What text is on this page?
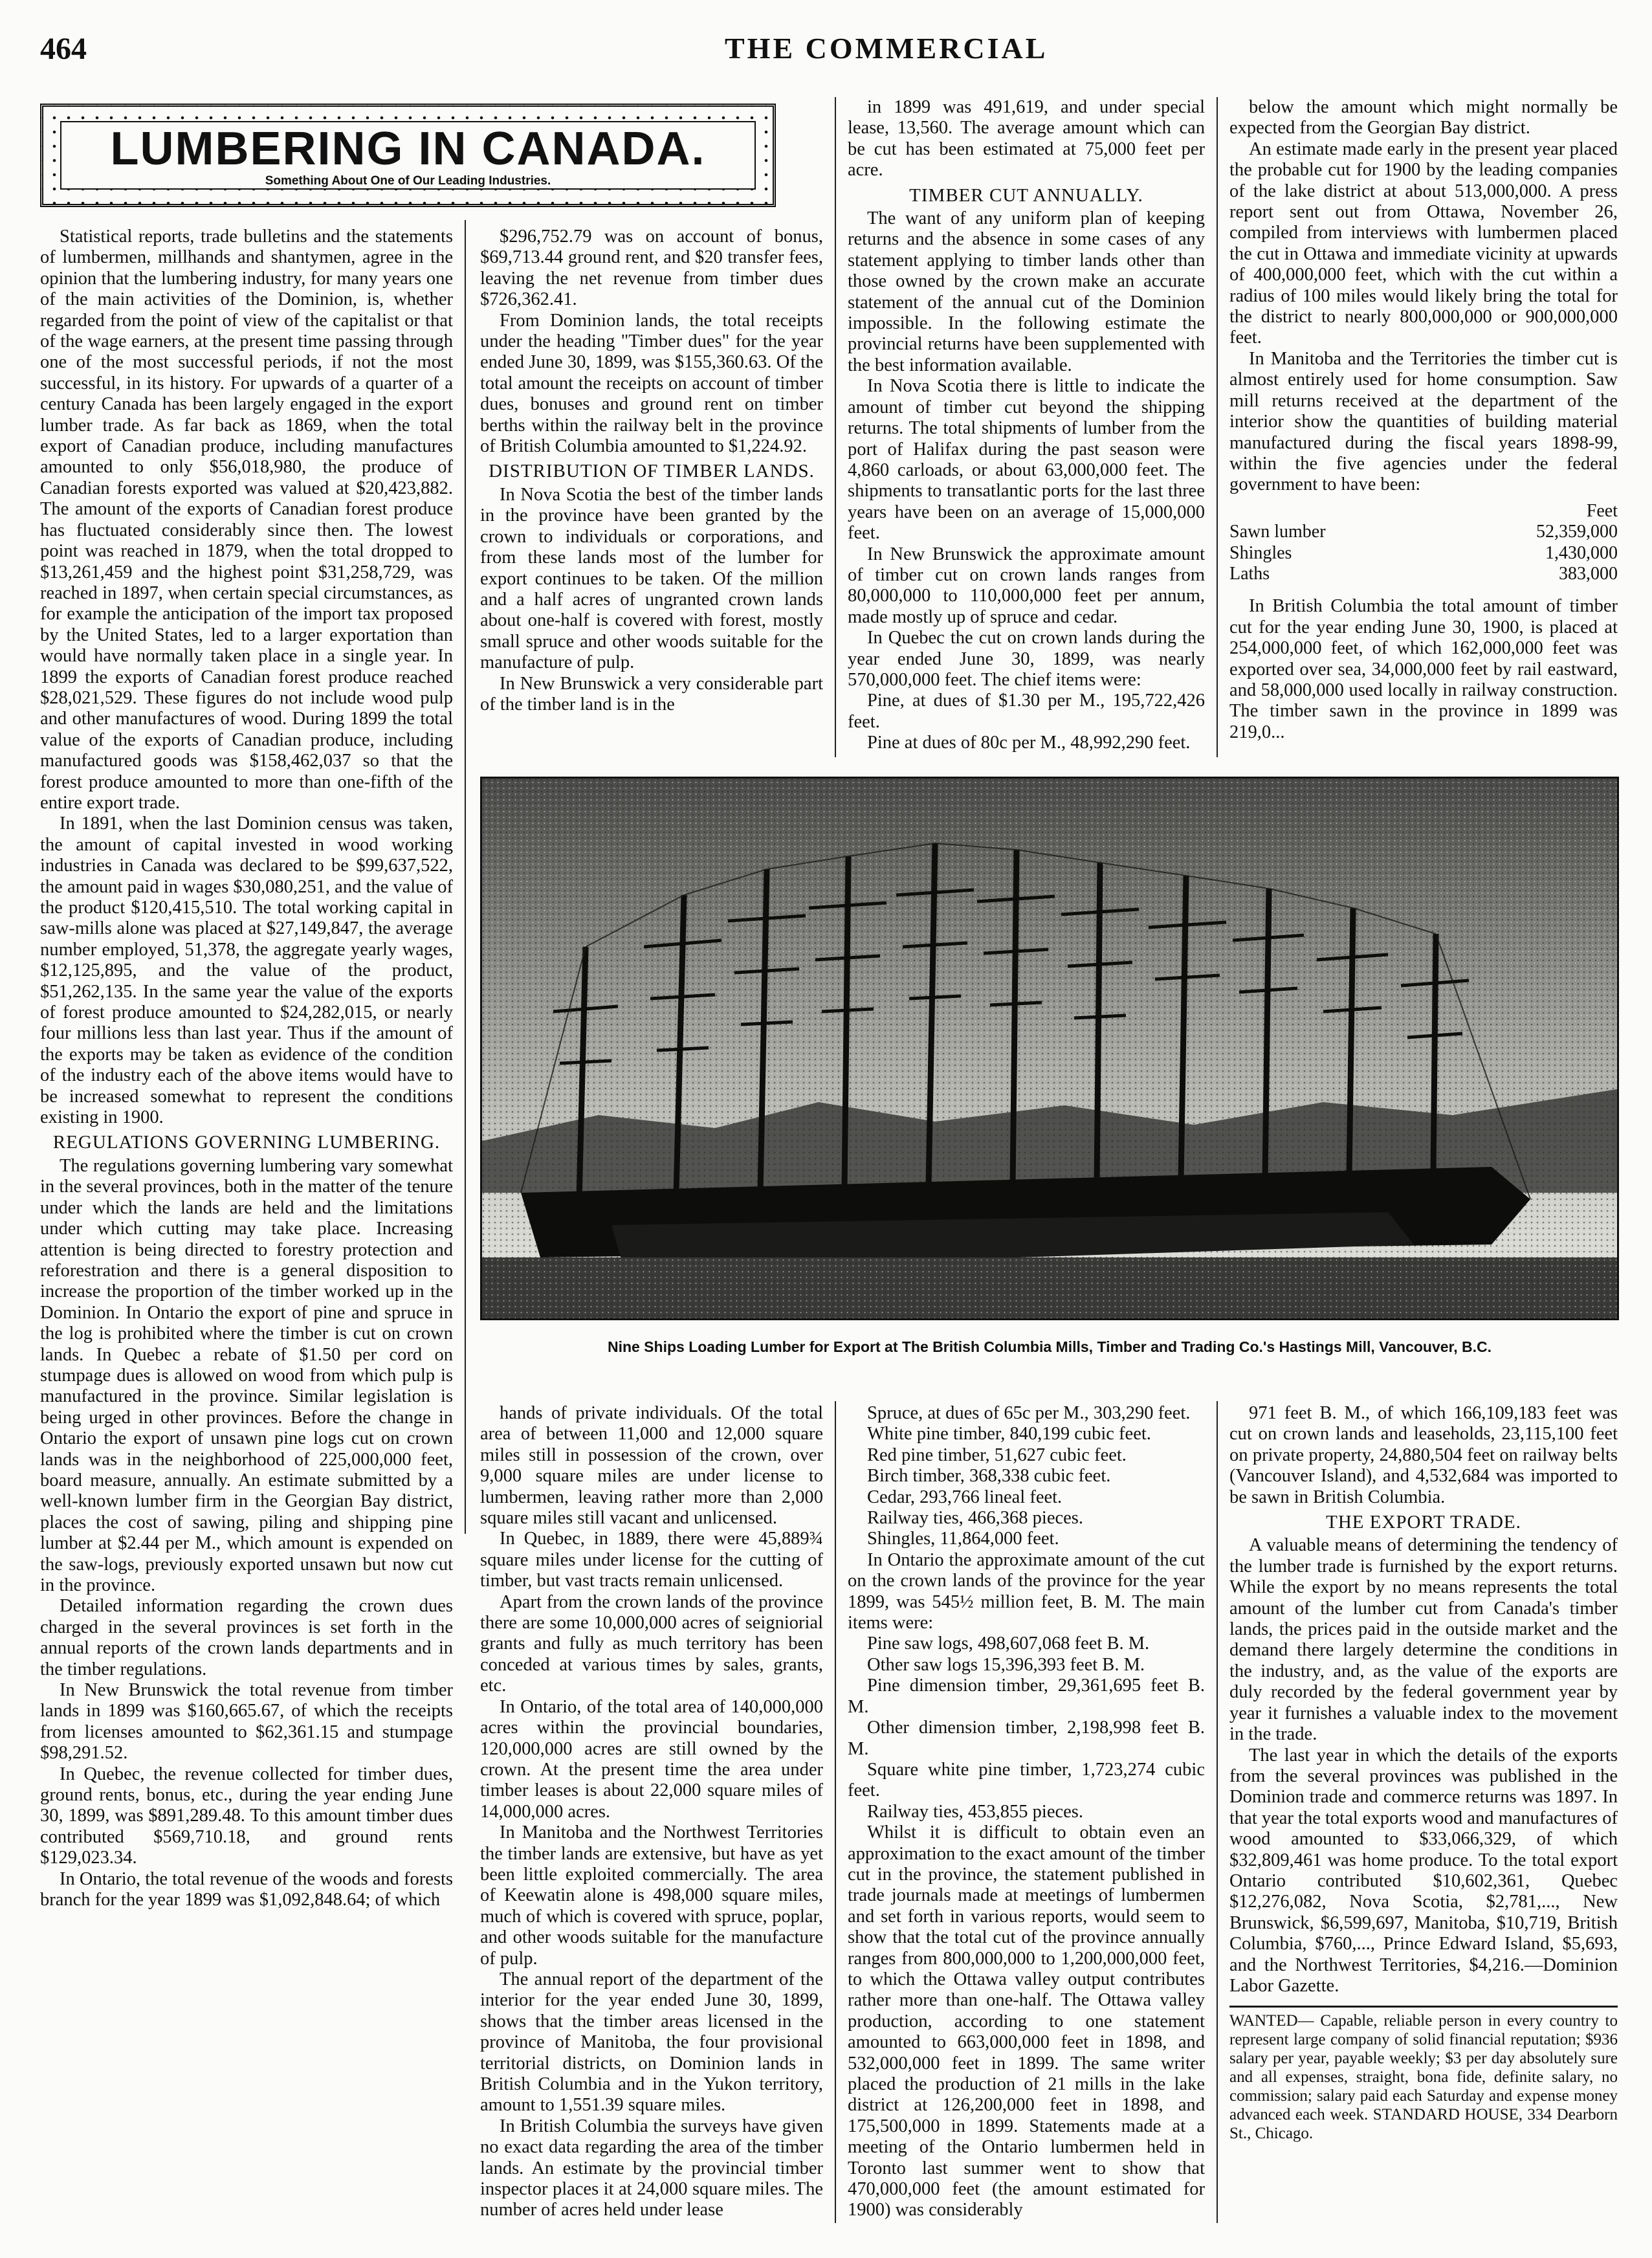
464	THE COMMERCIAL
LUMBERING IN CANADA.
Something About One of Our Leading Industries.

Statistical reports, trade bulletins and the statements of lumbermen, millhands and shantymen, agree in the opinion that the lumbering industry, for many years one of the main activities of the Dominion, is, whether regarded from the point of view of the capitalist or that of the wage earners, at the present time passing through one of the most successful periods, if not the most successful, in its history. For upwards of a quarter of a century Canada has been largely engaged in the export lumber trade. As far back as 1869, when the total export of Canadian produce, including manufactures amounted to only $56,018,980, the produce of Canadian forests exported was valued at $20,423,882. The amount of the exports of Canadian forest produce has fluctuated considerably since then. The lowest point was reached in 1879, when the total dropped to $13,261,459 and the highest point $31,258,729, was reached in 1897, when certain special circumstances, as for example the anticipation of the import tax proposed by the United States, led to a larger exportation than would have normally taken place in a single year. In 1899 the exports of Canadian forest produce reached $28,021,529. These figures do not include wood pulp and other manufactures of wood. During 1899 the total value of the exports of Canadian produce, including manufactured goods was $158,462,037 so that the forest produce amounted to more than one-fifth of the entire export trade.

In 1891, when the last Dominion census was taken, the amount of capital invested in wood working industries in Canada was declared to be $99,637,522, the amount paid in wages $30,080,251, and the value of the product $120,415,510. The total working capital in saw-mills alone was placed at $27,149,847, the average number employed, 51,378, the aggregate yearly wages, $12,125,895, and the value of the product, $51,262,135. In the same year the value of the exports of forest produce amounted to $24,282,015, or nearly four millions less than last year. Thus if the amount of the exports may be taken as evidence of the condition of the industry each of the above items would have to be increased somewhat to represent the conditions existing in 1900.

REGULATIONS GOVERNING LUMBERING.

The regulations governing lumbering vary somewhat in the several provinces, both in the matter of the tenure under which the lands are held and the limitations under which cutting may take place. Increasing attention is being directed to forestry protection and reforestration and there is a general disposition to increase the proportion of the timber worked up in the Dominion. In Ontario the export of pine and spruce in the log is prohibited where the timber is cut on crown lands. In Quebec a rebate of $1.50 per cord on stumpage dues is allowed on wood from which pulp is manufactured in the province. Similar legislation is being urged in other provinces. Before the change in Ontario the export of unsawn pine logs cut on crown lands was in the neighborhood of 225,000,000 feet, board measure, annually. An estimate submitted by a well-known lumber firm in the Georgian Bay district, places the cost of sawing, piling and shipping pine lumber at $2.44 per M., which amount is expended on the saw-logs, previously exported unsawn but now cut in the province.

Detailed information regarding the crown dues charged in the several provinces is set forth in the annual reports of the crown lands departments and in the timber regulations.

In New Brunswick the total revenue from timber lands in 1899 was $160,665.67, of which the receipts from licenses amounted to $62,361.15 and stumpage $98,291.52.

In Quebec, the revenue collected for timber dues, ground rents, bonus, etc., during the year ending June 30, 1899, was $891,289.48. To this amount timber dues contributed $569,710.18, and ground rents $129,023.34.

In Ontario, the total revenue of the woods and forests branch for the year 1899 was $1,092,848.64; of which

$296,752.79 was on account of bonus, $69,713.44 ground rent, and $20 transfer fees, leaving the net revenue from timber dues $726,362.41.

From Dominion lands, the total receipts under the heading "Timber dues" for the year ended June 30, 1899, was $155,360.63. Of the total amount the receipts on account of timber dues, bonuses and ground rent on timber berths within the railway belt in the province of British Columbia amounted to $1,224.92.

DISTRIBUTION OF TIMBER LANDS.

In Nova Scotia the best of the timber lands in the province have been granted by the crown to individuals or corporations, and from these lands most of the lumber for export continues to be taken. Of the million and a half acres of ungranted crown lands about one-half is covered with forest, mostly small spruce and other woods suitable for the manufacture of pulp.

In New Brunswick a very considerable part of the timber land is in the

in 1899 was 491,619, and under special lease, 13,560. The average amount which can be cut has been estimated at 75,000 feet per acre.

TIMBER CUT ANNUALLY.

The want of any uniform plan of keeping returns and the absence in some cases of any statement applying to timber lands other than those owned by the crown make an accurate statement of the annual cut of the Dominion impossible. In the following estimate the provincial returns have been supplemented with the best information available.

In Nova Scotia there is little to indicate the amount of timber cut beyond the shipping returns. The total shipments of lumber from the port of Halifax during the past season were 4,860 carloads, or about 63,000,000 feet. The shipments to transatlantic ports for the last three years have been on an average of 15,000,000 feet.

In New Brunswick the approximate amount of timber cut on crown lands ranges from 80,000,000 to 110,000,000 feet per annum, made mostly up of spruce and cedar.

In Quebec the cut on crown lands during the year ended June 30, 1899, was nearly 570,000,000 feet. The chief items were:

Pine, at dues of $1.30 per M., 195,722,426 feet.

Pine at dues of 80c per M., 48,992,290 feet.

below the amount which might normally be expected from the Georgian Bay district.

An estimate made early in the present year placed the probable cut for 1900 by the leading companies of the lake district at about 513,000,000. A press report sent out from Ottawa, November 26, compiled from interviews with lumbermen placed the cut in Ottawa and immediate vicinity at upwards of 400,000,000 feet, which with the cut within a radius of 100 miles would likely bring the total for the district to nearly 800,000,000 or 900,000,000 feet.

In Manitoba and the Territories the timber cut is almost entirely used for home consumption. Saw mill returns received at the department of the interior show the quantities of building material manufactured during the fiscal years 1898-99, within the five agencies under the federal government to have been:

	Feet
Sawn lumber	52,359,000
Shingles	1,430,000
Laths	383,000

In British Columbia the total amount of timber cut for the year ending June 30, 1900, is placed at 254,000,000 feet, of which 162,000,000 feet was exported over sea, 34,000,000 feet by rail eastward, and 58,000,000 used locally in railway construction. The timber sawn in the province in 1899 was 219,0...

Nine Ships Loading Lumber for Export at The British Columbia Mills, Timber and Trading Co.'s Hastings Mill, Vancouver, B.C.

hands of private individuals. Of the total area of between 11,000 and 12,000 square miles still in possession of the crown, over 9,000 square miles are under license to lumbermen, leaving rather more than 2,000 square miles still vacant and unlicensed.

In Quebec, in 1889, there were 45,889¾ square miles under license for the cutting of timber, but vast tracts remain unlicensed.

Apart from the crown lands of the province there are some 10,000,000 acres of seigniorial grants and fully as much territory has been conceded at various times by sales, grants, etc.

In Ontario, of the total area of 140,000,000 acres within the provincial boundaries, 120,000,000 acres are still owned by the crown. At the present time the area under timber leases is about 22,000 square miles of 14,000,000 acres.

In Manitoba and the Northwest Territories the timber lands are extensive, but have as yet been little exploited commercially. The area of Keewatin alone is 498,000 square miles, much of which is covered with spruce, poplar, and other woods suitable for the manufacture of pulp.

The annual report of the department of the interior for the year ended June 30, 1899, shows that the timber areas licensed in the province of Manitoba, the four provisional territorial districts, on Dominion lands in British Columbia and in the Yukon territory, amount to 1,551.39 square miles.

In British Columbia the surveys have given no exact data regarding the area of the timber lands. An estimate by the provincial timber inspector places it at 24,000 square miles. The number of acres held under lease

Spruce, at dues of 65c per M., 303,290 feet.

White pine timber, 840,199 cubic feet.

Red pine timber, 51,627 cubic feet.

Birch timber, 368,338 cubic feet.

Cedar, 293,766 lineal feet.

Railway ties, 466,368 pieces.

Shingles, 11,864,000 feet.

In Ontario the approximate amount of the cut on the crown lands of the province for the year 1899, was 545½ million feet, B. M. The main items were:

Pine saw logs, 498,607,068 feet B. M.

Other saw logs 15,396,393 feet B. M.

Pine dimension timber, 29,361,695 feet B. M.

Other dimension timber, 2,198,998 feet B. M.

Square white pine timber, 1,723,274 cubic feet.

Railway ties, 453,855 pieces.

Whilst it is difficult to obtain even an approximation to the exact amount of the timber cut in the province, the statement published in trade journals made at meetings of lumbermen and set forth in various reports, would seem to show that the total cut of the province annually ranges from 800,000,000 to 1,200,000,000 feet, to which the Ottawa valley output contributes rather more than one-half. The Ottawa valley production, according to one statement amounted to 663,000,000 feet in 1898, and 532,000,000 feet in 1899. The same writer placed the production of 21 mills in the lake district at 126,200,000 feet in 1898, and 175,500,000 in 1899. Statements made at a meeting of the Ontario lumbermen held in Toronto last summer went to show that 470,000,000 feet (the amount estimated for 1900) was considerably

971 feet B. M., of which 166,109,183 feet was cut on crown lands and leaseholds, 23,115,100 feet on private property, 24,880,504 feet on railway belts (Vancouver Island), and 4,532,684 was imported to be sawn in British Columbia.

THE EXPORT TRADE.

A valuable means of determining the tendency of the lumber trade is furnished by the export returns. While the export by no means represents the total amount of the lumber cut from Canada's timber lands, the prices paid in the outside market and the demand there largely determine the conditions in the industry, and, as the value of the exports are duly recorded by the federal government year by year it furnishes a valuable index to the movement in the trade.

The last year in which the details of the exports from the several provinces was published in the Dominion trade and commerce returns was 1897. In that year the total exports wood and manufactures of wood amounted to $33,066,329, of which $32,809,461 was home produce. To the total export Ontario contributed $10,602,361, Quebec $12,276,082, Nova Scotia, $2,781,..., New Brunswick, $6,599,697, Manitoba, $10,719, British Columbia, $760,..., Prince Edward Island, $5,693, and the Northwest Territories, $4,216.—Dominion Labor Gazette.

WANTED— Capable, reliable person in every country to represent large company of solid financial reputation; $936 salary per year, payable weekly; $3 per day absolutely sure and all expenses, straight, bona fide, definite salary, no commission; salary paid each Saturday and expense money advanced each week. STANDARD HOUSE, 334 Dearborn St., Chicago.
